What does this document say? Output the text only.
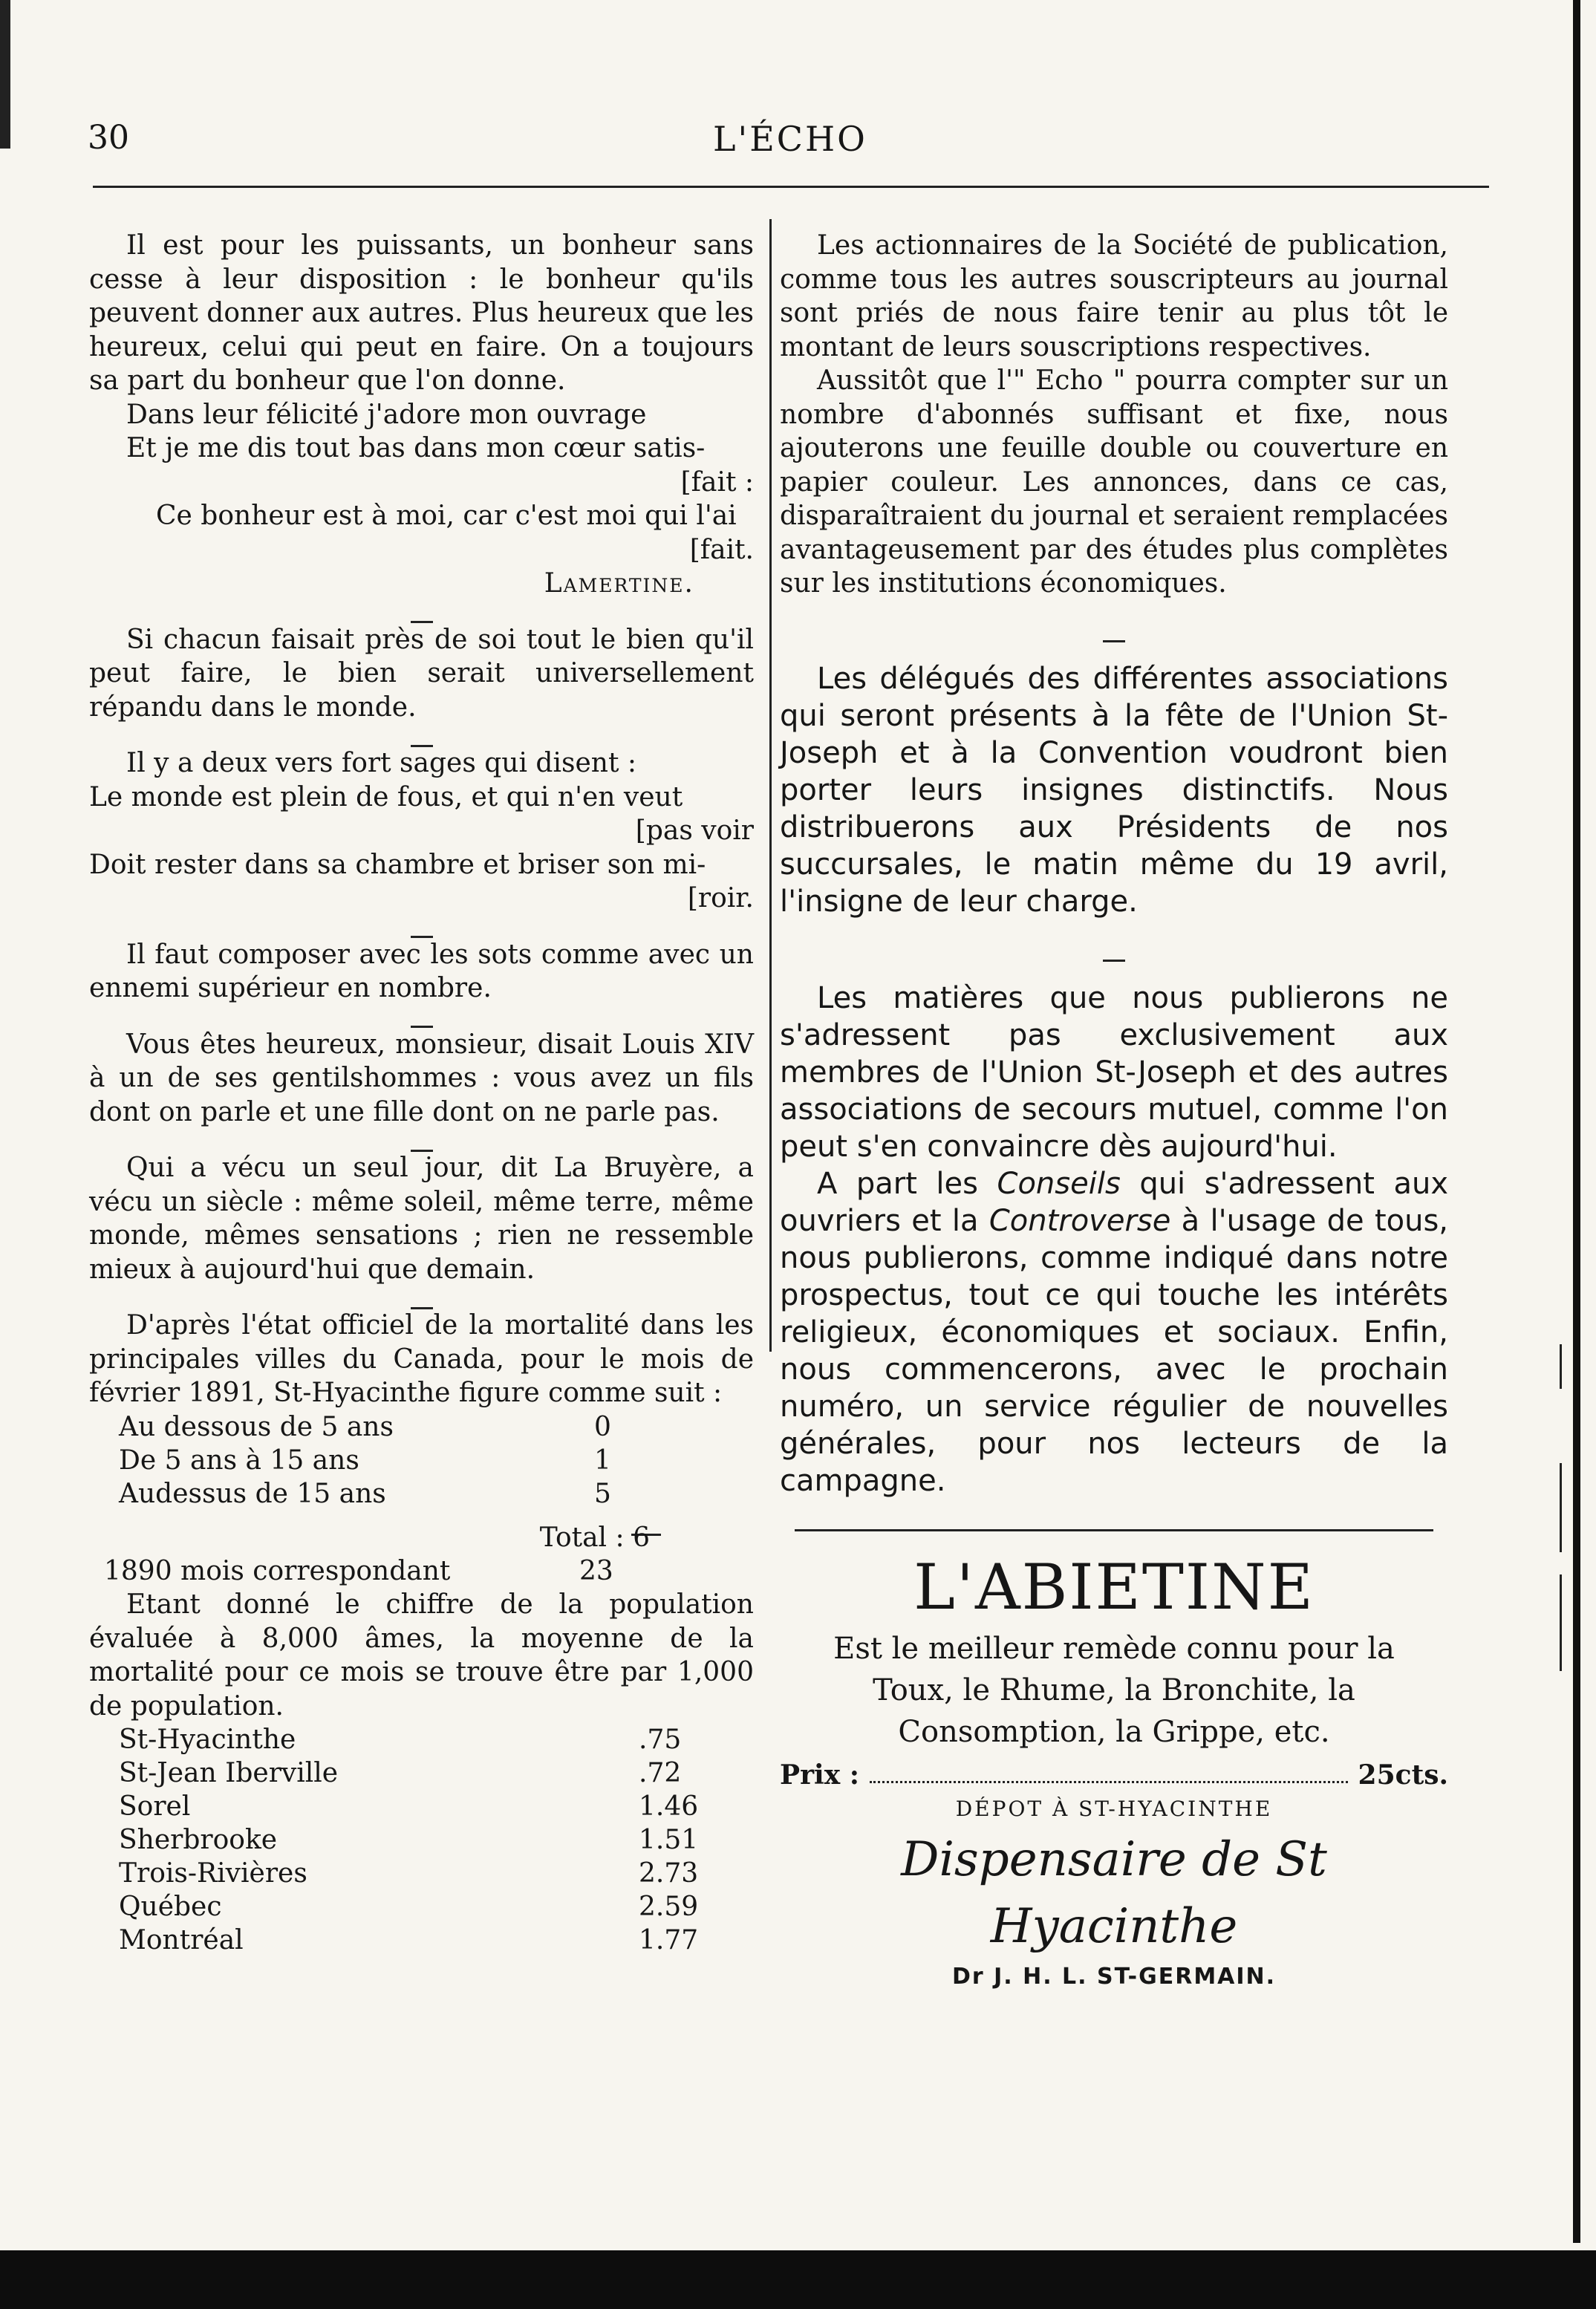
30	L'ÉCHO

Il est pour les puissants, un bonheur sans cesse à leur disposition : le bonheur qu'ils peuvent donner aux autres. Plus heureux que les heureux, celui qui peut en faire. On a toujours sa part du bonheur que l'on donne.

Dans leur félicité j'adore mon ouvrage

Et je me dis tout bas dans mon cœur satis-

[fait :

Ce bonheur est à moi, car c'est moi qui l'ai

[fait.

Lamertine.

Si chacun faisait près de soi tout le bien qu'il peut faire, le bien serait universellement répandu dans le monde.

Il y a deux vers fort sages qui disent :

Le monde est plein de fous, et qui n'en veut

[pas voir

Doit rester dans sa chambre et briser son mi-

[roir.

Il faut composer avec les sots comme avec un ennemi supérieur en nombre.

Vous êtes heureux, monsieur, disait Louis XIV à un de ses gentilshommes : vous avez un fils dont on parle et une fille dont on ne parle pas.

Qui a vécu un seul jour, dit La Bruyère, a vécu un siècle : même soleil, même terre, même monde, mêmes sensations ; rien ne ressemble mieux à aujourd'hui que demain.

D'après l'état officiel de la mortalité dans les principales villes du Canada, pour le mois de février 1891, St-Hyacinthe figure comme suit :

Au dessous de 5 ans	0
De 5 ans à 15 ans	1
Audessus de 15 ans	5

Total : 6

1890 mois correspondant	23

Etant donné le chiffre de la population évaluée à 8,000 âmes, la moyenne de la mortalité pour ce mois se trouve être par 1,000 de population.

St-Hyacinthe	.75
St-Jean Iberville	.72
Sorel	1.46
Sherbrooke	1.51
Trois-Rivières	2.73
Québec	2.59
Montréal	1.77

Les actionnaires de la Société de publication, comme tous les autres souscripteurs au journal sont priés de nous faire tenir au plus tôt le montant de leurs souscriptions respectives.

Aussitôt que l'" Echo " pourra compter sur un nombre d'abonnés suffisant et fixe, nous ajouterons une feuille double ou couverture en papier couleur. Les annonces, dans ce cas, disparaîtraient du journal et seraient remplacées avantageusement par des études plus complètes sur les institutions économiques.

Les délégués des différentes associations qui seront présents à la fête de l'Union St-Joseph et à la Convention voudront bien porter leurs insignes distinctifs. Nous distribuerons aux Présidents de nos succursales, le matin même du 19 avril, l'insigne de leur charge.

Les matières que nous publierons ne s'adressent pas exclusivement aux membres de l'Union St-Joseph et des autres associations de secours mutuel, comme l'on peut s'en convaincre dès aujourd'hui.

A part les Conseils qui s'adressent aux ouvriers et la Controverse à l'usage de tous, nous publierons, comme indiqué dans notre prospectus, tout ce qui touche les intérêts religieux, économiques et sociaux. Enfin, nous commencerons, avec le prochain numéro, un service régulier de nouvelles générales, pour nos lecteurs de la campagne.

L'ABIETINE

Est le meilleur remède connu pour la

Toux, le Rhume, la Bronchite, la

Consomption, la Grippe, etc.

Prix :	25cts.

DÉPOT À ST-HYACINTHE

Dispensaire de St Hyacinthe

Dr J. H. L. ST-GERMAIN.
